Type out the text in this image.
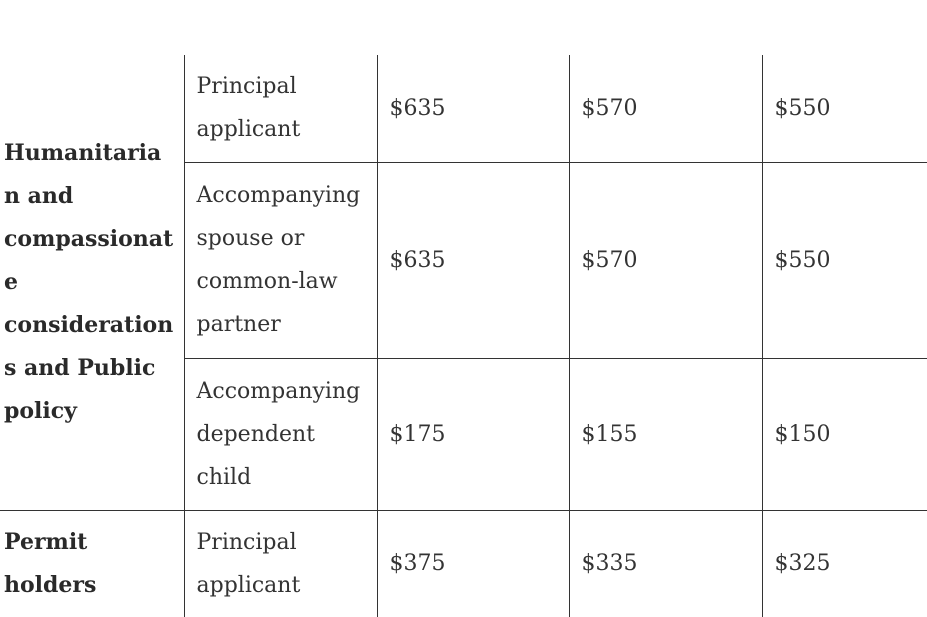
Humanitarian and compassionate considerations and Public policy	Principal applicant	$635	$570	$550
	Accompanying spouse or common-law partner	$635	$570	$550
	Accompanying dependent child	$175	$155	$150
Permit holders	Principal applicant	$375	$335	$325
